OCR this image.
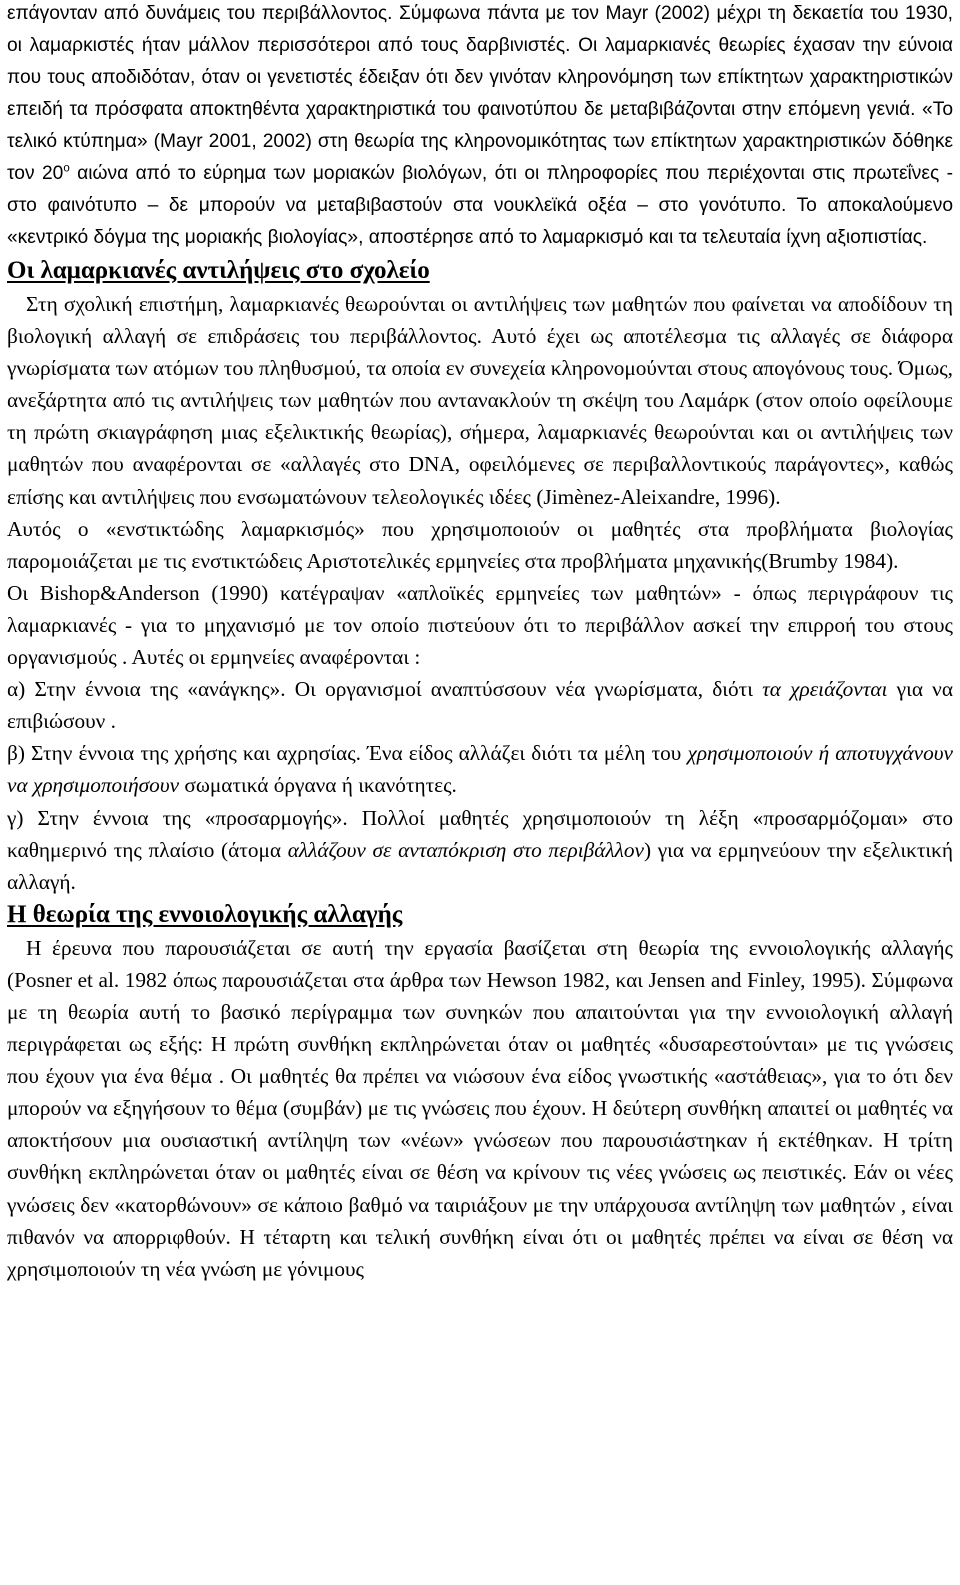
επάγονταν από δυνάμεις του περιβάλλοντος. Σύμφωνα πάντα με τον Mayr (2002) μέχρι τη δεκαετία του 1930, οι λαμαρκιστές ήταν μάλλον περισσότεροι από τους δαρβινιστές. Οι λαμαρκιανές θεωρίες έχασαν την εύνοια που τους αποδιδόταν, όταν οι γενετιστές έδειξαν ότι δεν γινόταν κληρονόμηση των επίκτητων χαρακτηριστικών επειδή τα πρόσφατα αποκτηθέντα χαρακτηριστικά του φαινοτύπου δε μεταβιβάζονται στην επόμενη γενιά. «Το τελικό κτύπημα» (Mayr 2001, 2002) στη θεωρία της κληρονομικότητας των επίκτητων χαρακτηριστικών δόθηκε τον $20^o$ αιώνα από το εύρημα των μοριακών βιολόγων, ότι οι πληροφορίες που περιέχονται στις πρωτεΐνες - στο φαινότυπο – δε μπορούν να μεταβιβαστούν στα νουκλεϊκά οξέα – στο γονότυπο. Το αποκαλούμενο «κεντρικό δόγμα της μοριακής βιολογίας», αποστέρησε από το λαμαρκισμό και τα τελευταία ίχνη αξιοπιστίας.

Οι λαμαρκιανές αντιλήψεις στο σχολείο

Στη σχολική επιστήμη, λαμαρκιανές θεωρούνται οι αντιλήψεις των μαθητών που φαίνεται να αποδίδουν τη βιολογική αλλαγή σε επιδράσεις του περιβάλλοντος. Αυτό έχει ως αποτέλεσμα τις αλλαγές σε διάφορα γνωρίσματα των ατόμων του πληθυσμού, τα οποία εν συνεχεία κληρονομούνται στους απογόνους τους. Όμως, ανεξάρτητα από τις αντιλήψεις των μαθητών που αντανακλούν τη σκέψη του Λαμάρκ (στον οποίο οφείλουμε τη πρώτη σκιαγράφηση μιας εξελικτικής θεωρίας), σήμερα, λαμαρκιανές θεωρούνται και οι αντιλήψεις των μαθητών που αναφέρονται σε «αλλαγές στο DNA, οφειλόμενες σε περιβαλλοντικούς παράγοντες», καθώς επίσης και αντιλήψεις που ενσωματώνουν τελεολογικές ιδέες (Jimènez-Aleixandre, 1996).

Αυτός ο «ενστικτώδης λαμαρκισμός» που χρησιμοποιούν οι μαθητές στα προβλήματα βιολογίας παρομοιάζεται με τις ενστικτώδεις Αριστοτελικές ερμηνείες στα προβλήματα μηχανικής(Brumby 1984).

Οι Bishop&Anderson (1990) κατέγραψαν «απλοϊκές ερμηνείες των μαθητών» - όπως περιγράφουν τις λαμαρκιανές - για το μηχανισμό με τον οποίο πιστεύουν ότι το περιβάλλον ασκεί την επιρροή του στους οργανισμούς . Αυτές οι ερμηνείες αναφέρονται :

α) Στην έννοια της «ανάγκης». Οι οργανισμοί αναπτύσσουν νέα γνωρίσματα, διότι τα χρειάζονται για να επιβιώσουν .

β) Στην έννοια της χρήσης και αχρησίας. Ένα είδος αλλάζει διότι τα μέλη του χρησιμοποιούν ή αποτυγχάνουν να χρησιμοποιήσουν σωματικά όργανα ή ικανότητες.

γ) Στην έννοια της «προσαρμογής». Πολλοί μαθητές χρησιμοποιούν τη λέξη «προσαρμόζομαι» στο καθημερινό της πλαίσιο (άτομα αλλάζουν σε ανταπόκριση στο περιβάλλον) για να ερμηνεύουν την εξελικτική αλλαγή.

Η θεωρία της εννοιολογικής αλλαγής

Η έρευνα που παρουσιάζεται σε αυτή την εργασία βασίζεται στη θεωρία της εννοιολογικής αλλαγής (Posner et al. 1982 όπως παρουσιάζεται στα άρθρα των Hewson 1982, και Jensen and Finley, 1995). Σύμφωνα με τη θεωρία αυτή το βασικό περίγραμμα των συνηκών που απαιτούνται για την εννοιολογική αλλαγή περιγράφεται ως εξής: Η πρώτη συνθήκη εκπληρώνεται όταν οι μαθητές «δυσαρεστούνται» με τις γνώσεις που έχουν για ένα θέμα . Οι μαθητές θα πρέπει να νιώσουν ένα είδος γνωστικής «αστάθειας», για το ότι δεν μπορούν να εξηγήσουν το θέμα (συμβάν) με τις γνώσεις που έχουν. Η δεύτερη συνθήκη απαιτεί οι μαθητές να αποκτήσουν μια ουσιαστική αντίληψη των «νέων» γνώσεων που παρουσιάστηκαν ή εκτέθηκαν. Η τρίτη συνθήκη εκπληρώνεται όταν οι μαθητές είναι σε θέση να κρίνουν τις νέες γνώσεις ως πειστικές. Εάν οι νέες γνώσεις δεν «κατορθώνουν» σε κάποιο βαθμό να ταιριάξουν με την υπάρχουσα αντίληψη των μαθητών , είναι πιθανόν να απορριφθούν. Η τέταρτη και τελική συνθήκη είναι ότι οι μαθητές πρέπει να είναι σε θέση να χρησιμοποιούν τη νέα γνώση με γόνιμους
